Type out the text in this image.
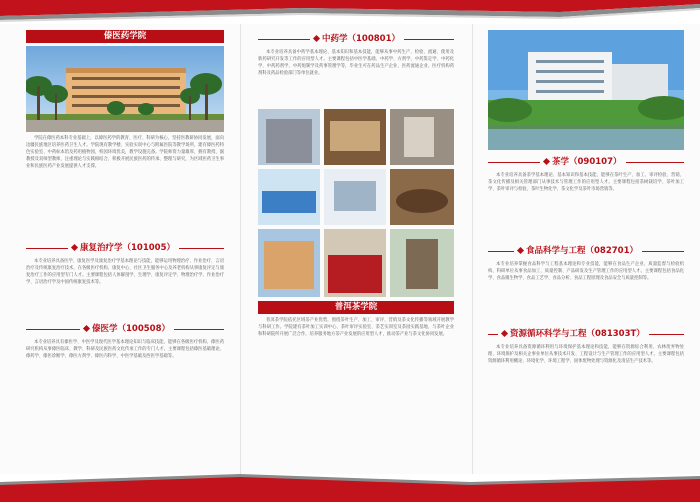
傣医药学院
学院在傣医药本科专业基础上，以傣医药学的教育、医疗、科研为核心，坚持医教研协同发展，面向边疆民族地区培养医药卫生人才。学院现有教学楼、实验实训中心与附属医院等教学场所，建有傣医药特色实验室、中药标本馆及药用植物园，校园环境优美，教学设施完备。学院师资力量雄厚，拥有教授、副教授及双师型教师，注重理论与实践相结合，积极开展民族医药的传承、整理与研究，为区域医药卫生事业和民族医药产业发展提供人才支撑。
康复治疗学（101005）
本专业培养具备医学、康复医学及康复治疗学基本理论与技能，能够运用物理治疗、作业治疗、言语治疗及传统康复治疗技术，在各级医疗机构、康复中心、社区卫生服务中心及养老机构从事康复评定与康复治疗工作的应用型专门人才。主要课程包括人体解剖学、生理学、康复评定学、物理治疗学、作业治疗学、言语治疗学及中国传统康复技术等。
傣医学（100508）
本专业培养具有傣医学、中医学及现代医学基本理论知识与临床技能，能够在各级医疗机构、傣医药研究机构从事傣医临床、教学、科研及民族医药文化传承工作的专门人才。主要课程包括傣医基础理论、傣药学、傣医诊断学、傣医方剂学、傣医内科学、中医学基础及西医学基础等。
中药学（100801）
本专业培养具备中药学基本理论、基本知识和基本技能，能够从事中药生产、检验、流通、使用及新药研究开发等工作的应用型人才。主要课程包括中医学基础、中药学、方剂学、中药鉴定学、中药化学、中药药剂学、中药炮制学及药事管理学等，毕业生可在药品生产企业、医药流通企业、医疗机构药剂科及药品检验部门等单位就业。
普洱茶学院
普洱茶学院依托区域茶产业优势，围绕茶叶生产、加工、审评、营销及茶文化传播等领域开展教学与科研工作。学院建有茶叶加工实训中心、茶叶审评实验室、茶艺实训室及茶园实践基地，与茶叶企业和科研院所开展广泛合作，培养服务地方茶产业发展的应用型人才，推动茶产业与茶文化协同发展。
茶学（090107）
本专业培养具备茶学基本理论、基本知识和基本技能，能够在茶叶生产、加工、审评检验、营销、茶文化传播及相关管理部门从事技术与管理工作的应用型人才。主要课程包括茶树栽培学、茶叶加工学、茶叶审评与检验、茶叶生物化学、茶文化学及茶叶市场营销等。
食品科学与工程（082701）
本专业培养掌握食品科学与工程基本理论和专业技能，能够在食品生产企业、质量监督与检验机构、科研单位从事食品加工、质量控制、产品研发及生产管理工作的应用型人才。主要课程包括食品化学、食品微生物学、食品工艺学、食品分析、食品工程原理及食品安全与质量控制等。
资源循环科学与工程（081303T）
本专业培养具备资源循环利用与环境保护基本理论和技能，能够在资源综合利用、农林废弃物处理、环境保护及相关企事业单位从事技术开发、工程设计与生产管理工作的应用型人才。主要课程包括资源循环利用概论、环境化学、环境工程学、固体废物处理与资源化及清洁生产技术等。
